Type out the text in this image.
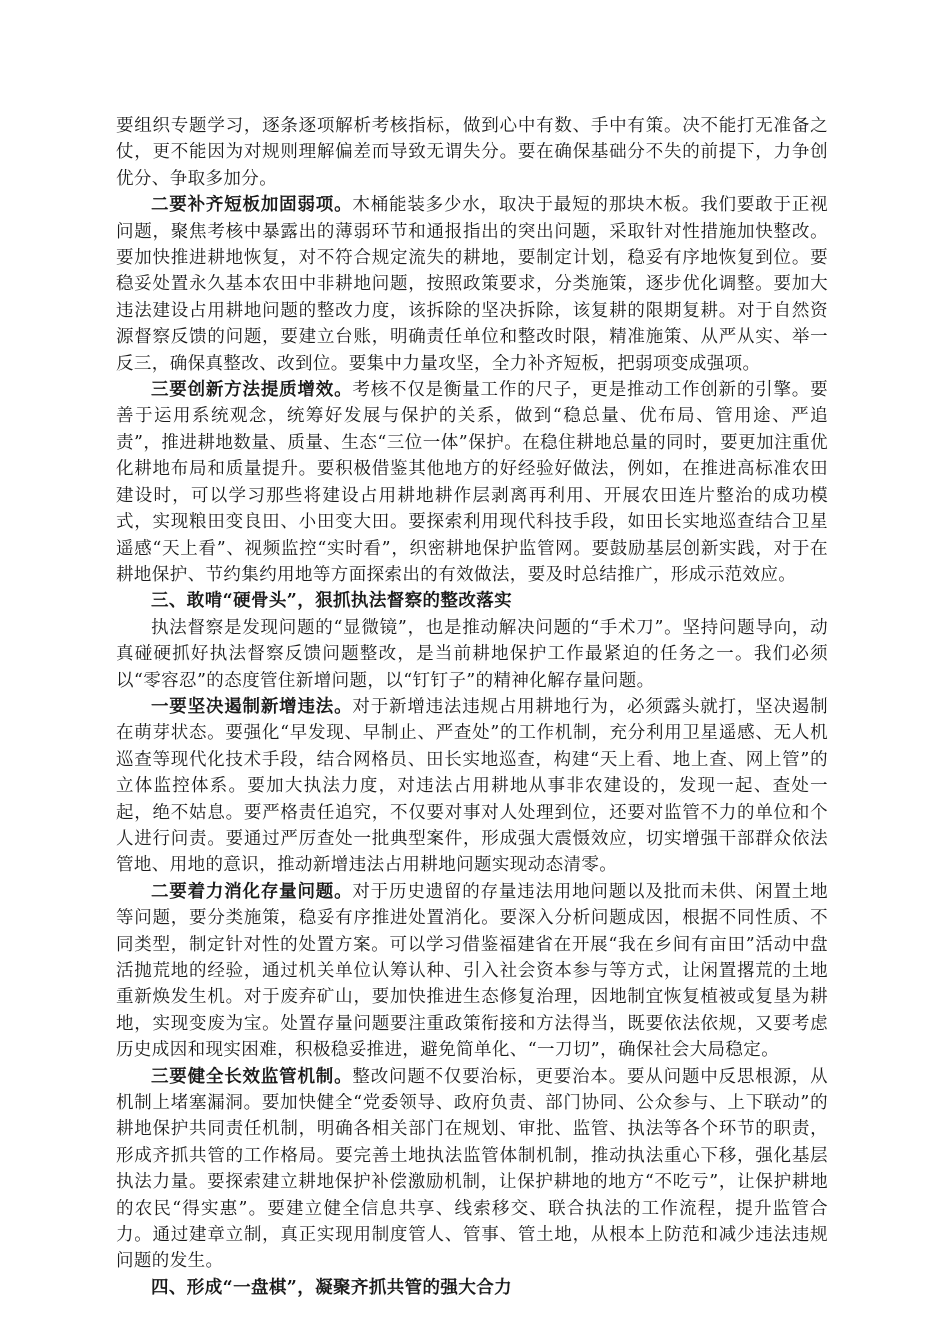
要组织专题学习，逐条逐项解析考核指标，做到心中有数、手中有策。决不能打无准备之仗，更不能因为对规则理解偏差而导致无谓失分。要在确保基础分不失的前提下，力争创优分、争取多加分。

二要补齐短板加固弱项。木桶能装多少水，取决于最短的那块木板。我们要敢于正视问题，聚焦考核中暴露出的薄弱环节和通报指出的突出问题，采取针对性措施加快整改。要加快推进耕地恢复，对不符合规定流失的耕地，要制定计划，稳妥有序地恢复到位。要稳妥处置永久基本农田中非耕地问题，按照政策要求，分类施策，逐步优化调整。要加大违法建设占用耕地问题的整改力度，该拆除的坚决拆除，该复耕的限期复耕。对于自然资源督察反馈的问题，要建立台账，明确责任单位和整改时限，精准施策、从严从实、举一反三，确保真整改、改到位。要集中力量攻坚，全力补齐短板，把弱项变成强项。

三要创新方法提质增效。考核不仅是衡量工作的尺子，更是推动工作创新的引擎。要善于运用系统观念，统筹好发展与保护的关系，做到“稳总量、优布局、管用途、严追责”，推进耕地数量、质量、生态“三位一体”保护。在稳住耕地总量的同时，要更加注重优化耕地布局和质量提升。要积极借鉴其他地方的好经验好做法，例如，在推进高标准农田建设时，可以学习那些将建设占用耕地耕作层剥离再利用、开展农田连片整治的成功模式，实现粮田变良田、小田变大田。要探索利用现代科技手段，如田长实地巡查结合卫星遥感“天上看”、视频监控“实时看”，织密耕地保护监管网。要鼓励基层创新实践，对于在耕地保护、节约集约用地等方面探索出的有效做法，要及时总结推广，形成示范效应。

三、敢啃“硬骨头”，狠抓执法督察的整改落实

执法督察是发现问题的“显微镜”，也是推动解决问题的“手术刀”。坚持问题导向，动真碰硬抓好执法督察反馈问题整改，是当前耕地保护工作最紧迫的任务之一。我们必须以“零容忍”的态度管住新增问题，以“钉钉子”的精神化解存量问题。

一要坚决遏制新增违法。对于新增违法违规占用耕地行为，必须露头就打，坚决遏制在萌芽状态。要强化“早发现、早制止、严查处”的工作机制，充分利用卫星遥感、无人机巡查等现代化技术手段，结合网格员、田长实地巡查，构建“天上看、地上查、网上管”的立体监控体系。要加大执法力度，对违法占用耕地从事非农建设的，发现一起、查处一起，绝不姑息。要严格责任追究，不仅要对事对人处理到位，还要对监管不力的单位和个人进行问责。要通过严厉查处一批典型案件，形成强大震慑效应，切实增强干部群众依法管地、用地的意识，推动新增违法占用耕地问题实现动态清零。

二要着力消化存量问题。对于历史遗留的存量违法用地问题以及批而未供、闲置土地等问题，要分类施策，稳妥有序推进处置消化。要深入分析问题成因，根据不同性质、不同类型，制定针对性的处置方案。可以学习借鉴福建省在开展“我在乡间有亩田”活动中盘活抛荒地的经验，通过机关单位认筹认种、引入社会资本参与等方式，让闲置撂荒的土地重新焕发生机。对于废弃矿山，要加快推进生态修复治理，因地制宜恢复植被或复垦为耕地，实现变废为宝。处置存量问题要注重政策衔接和方法得当，既要依法依规，又要考虑历史成因和现实困难，积极稳妥推进，避免简单化、“一刀切”，确保社会大局稳定。

三要健全长效监管机制。整改问题不仅要治标，更要治本。要从问题中反思根源，从机制上堵塞漏洞。要加快健全“党委领导、政府负责、部门协同、公众参与、上下联动”的耕地保护共同责任机制，明确各相关部门在规划、审批、监管、执法等各个环节的职责，形成齐抓共管的工作格局。要完善土地执法监管体制机制，推动执法重心下移，强化基层执法力量。要探索建立耕地保护补偿激励机制，让保护耕地的地方“不吃亏”，让保护耕地的农民“得实惠”。要建立健全信息共享、线索移交、联合执法的工作流程，提升监管合力。通过建章立制，真正实现用制度管人、管事、管土地，从根本上防范和减少违法违规问题的发生。

四、形成“一盘棋”，凝聚齐抓共管的强大合力
